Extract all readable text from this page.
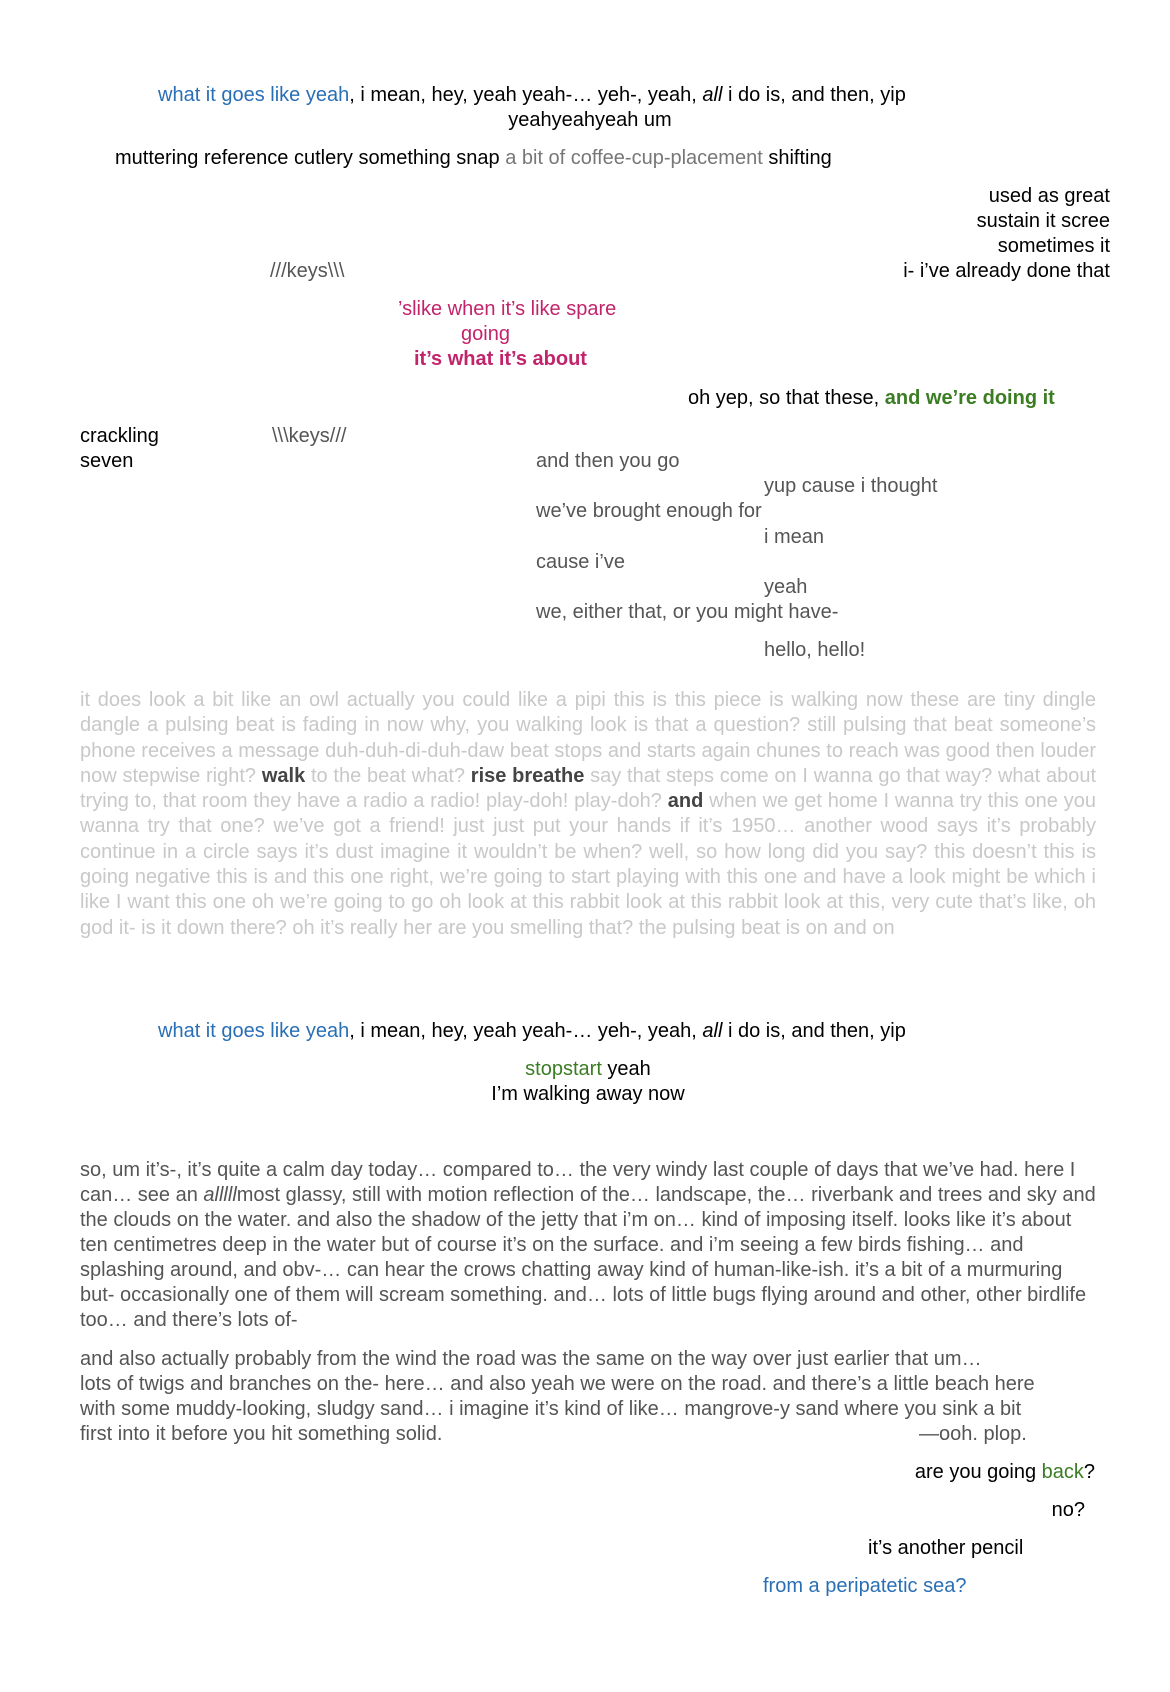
what it goes like yeah, i mean, hey, yeah yeah-… yeh-, yeah, all i do is, and then, yip
yeahyeahyeah um
muttering reference cutlery something snap a bit of coffee-cup-placement shifting
used as great
sustain it scree
sometimes it
i- i’ve already done that
///keys\\\
’slike when it’s like spare
going
it’s what it’s about
oh yep, so that these, and we’re doing it
crackling
seven
\\\keys///
and then you go
yup cause i thought
we’ve brought enough for
i mean
cause i’ve
yeah
we, either that, or you might have-
hello, hello!
it does look a bit like an owl actually you could like a pipi this is this piece is walking now these are tiny dingle dangle a pulsing beat is fading in now why, you walking look is that a question? still pulsing that beat someone’s phone receives a message duh-duh-di-duh-daw beat stops and starts again chunes to reach was good then louder now stepwise right? walk to the beat what? rise breathe say that steps come on I wanna go that way? what about trying to, that room they have a radio a radio! play-doh! play-doh? and when we get home I wanna try this one you wanna try that one? we’ve got a friend! just just put your hands if it’s 1950… another wood says it’s probably continue in a circle says it’s dust imagine it wouldn’t be when? well, so how long did you say? this doesn’t this is going negative this is and this one right, we’re going to start playing with this one and have a look might be which i like I want this one oh we’re going to go oh look at this rabbit look at this rabbit look at this, very cute that’s like, oh god it- is it down there? oh it’s really her are you smelling that? the pulsing beat is on and on
what it goes like yeah, i mean, hey, yeah yeah-… yeh-, yeah, all i do is, and then, yip
stopstart yeah
I’m walking away now
so, um it’s-, it’s quite a calm day today… compared to… the very windy last couple of days that we’ve had. here I can… see an alllllmost glassy, still with motion reflection of the… landscape, the… riverbank and trees and sky and the clouds on the water. and also the shadow of the jetty that i’m on… kind of imposing itself. looks like it’s about ten centimetres deep in the water but of course it’s on the surface. and i’m seeing a few birds fishing… and splashing around, and obv-… can hear the crows chatting away kind of human-like-ish. it’s a bit of a murmuring but- occasionally one of them will scream something. and… lots of little bugs flying around and other, other birdlife too… and there’s lots of-
and also actually probably from the wind the road was the same on the way over just earlier that um…
lots of twigs and branches on the- here… and also yeah we were on the road. and there’s a little beach here
with some muddy-looking, sludgy sand… i imagine it’s kind of like… mangrove-y sand where you sink a bit
first into it before you hit something solid.	—ooh. plop.
are you going back?
no?
it’s another pencil
from a peripatetic sea?
